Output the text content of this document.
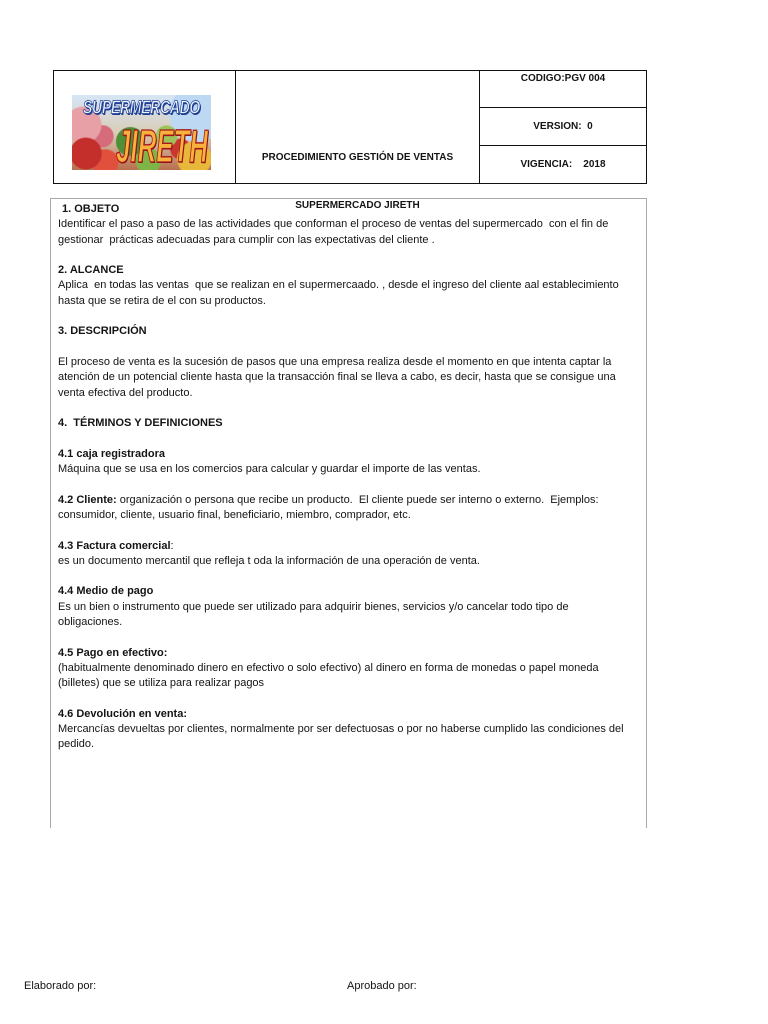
SUPERMERCADO
JIRETH

	PROCEDIMIENTO GESTIÓN DE VENTAS

SUPERMERCADO JIRETH

CODIGO:PGV 004
VERSION:  0
VIGENCIA:    2018
1. OBJETO
Identificar el paso a paso de las actividades que conforman el proceso de ventas del supermercado  con el fin de
gestionar  prácticas adecuadas para cumplir con las expectativas del cliente .
2. ALCANCE
Aplica  en todas las ventas  que se realizan en el supermercaado. , desde el ingreso del cliente aal establecimiento
hasta que se retira de el con su productos.
3. DESCRIPCIÓN
El proceso de venta es la sucesión de pasos que una empresa realiza desde el momento en que intenta captar la
atención de un potencial cliente hasta que la transacción final se lleva a cabo, es decir, hasta que se consigue una
venta efectiva del producto.
4.  TÉRMINOS Y DEFINICIONES
4.1 caja registradora
Máquina que se usa en los comercios para calcular y guardar el importe de las ventas.
4.2 Cliente: organización o persona que recibe un producto.  El cliente puede ser interno o externo.  Ejemplos:
consumidor, cliente, usuario final, beneficiario, miembro, comprador, etc.
4.3 Factura comercial:
es un documento mercantil que refleja t oda la información de una operación de venta.
4.4 Medio de pago
Es un bien o instrumento que puede ser utilizado para adquirir bienes, servicios y/o cancelar todo tipo de
obligaciones.
4.5 Pago en efectivo:
(habitualmente denominado dinero en efectivo o solo efectivo) al dinero en forma de monedas o papel moneda
(billetes) que se utiliza para realizar pagos
4.6 Devolución en venta:
Mercancías devueltas por clientes, normalmente por ser defectuosas o por no haberse cumplido las condiciones del
pedido.
Elaborado por:	Aprobado por:
